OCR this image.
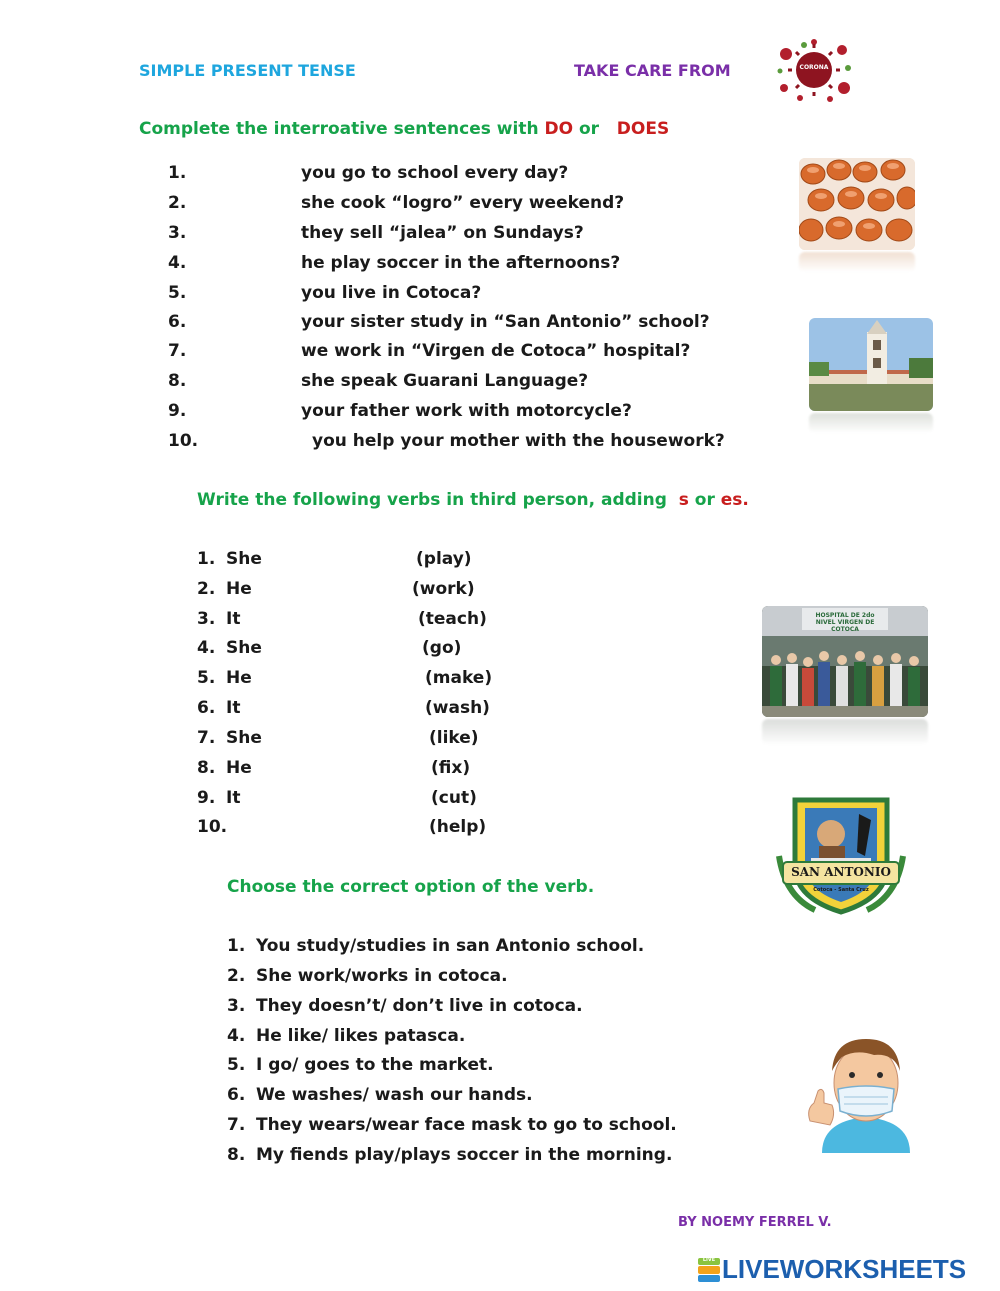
SIMPLE PRESENT TENSE	TAKE CARE FROM	CORONA
Complete the interroative sentences with DO or   DOES
1.	you go to school every day?
2.	she cook “logro” every weekend?
3.	they sell “jalea” on Sundays?
4.	he play soccer in the afternoons?
5.	you live in Cotoca?
6.	your sister study in “San Antonio” school?
7.	we work in “Virgen de Cotoca” hospital?
8.	she speak Guarani Language?
9.	your father work with motorcycle?
10.	you help your mother with the housework?
Write the following verbs in third person, adding  s or es.
1. She	(play)
2. He	(work)
3. It	(teach)
4. She	(go)
5. He	(make)
6. It	(wash)
7. She	(like)
8. He	(fix)
9. It	(cut)
10.	(help)
HOSPITAL DE 2do NIVEL VIRGEN DE COTOCA
SAN ANTONIO
Cotoca - Santa Cruz
Choose the correct option of the verb.
1. You study/studies in san Antonio school.
2. She work/works in cotoca.
3. They doesn’t/ don’t live in cotoca.
4. He like/ likes patasca.
5. I go/ goes to the market.
6. We washes/ wash our hands.
7. They wears/wear face mask to go to school.
8. My fiends play/plays soccer in the morning.
BY NOEMY FERREL V.
LIVE LIVEWORKSHEETS
